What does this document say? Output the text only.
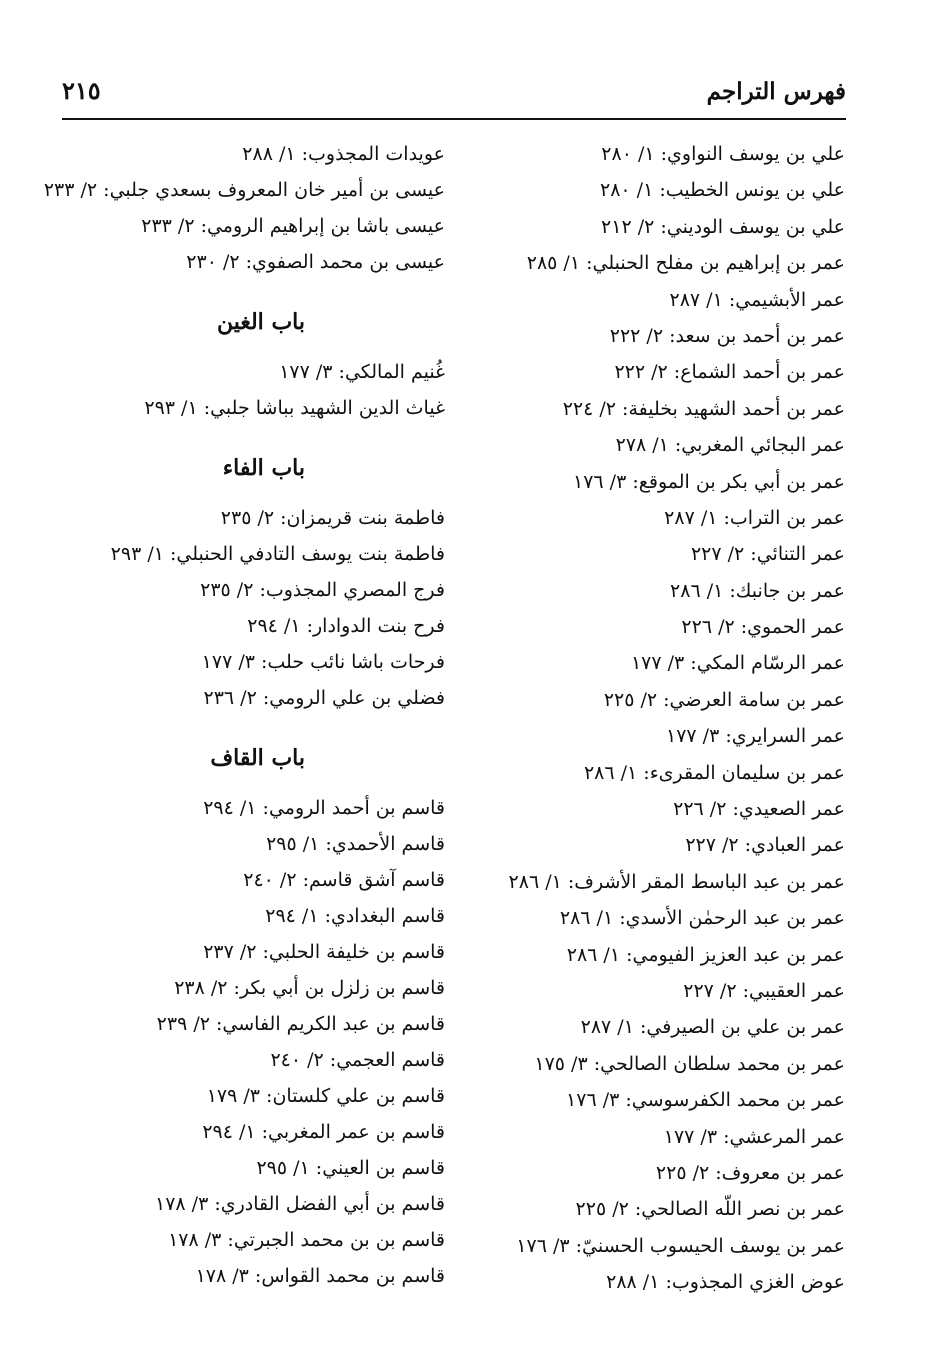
فهرس التراجم
٢١٥
علي بن يوسف النواوي: ١/ ٢٨٠
علي بن يونس الخطيب: ١/ ٢٨٠
علي بن يوسف الوديني: ٢/ ٢١٢
عمر بن إبراهيم بن مفلح الحنبلي: ١/ ٢٨٥
عمر الأبشيمي: ١/ ٢٨٧
عمر بن أحمد بن سعد: ٢/ ٢٢٢
عمر بن أحمد الشماع: ٢/ ٢٢٢
عمر بن أحمد الشهيد بخليفة: ٢/ ٢٢٤
عمر البجائي المغربي: ١/ ٢٧٨
عمر بن أبي بكر بن الموقع: ٣/ ١٧٦
عمر بن التراب: ١/ ٢٨٧
عمر التنائي: ٢/ ٢٢٧
عمر بن جانبك: ١/ ٢٨٦
عمر الحموي: ٢/ ٢٢٦
عمر الرسّام المكي: ٣/ ١٧٧
عمر بن سامة العرضي: ٢/ ٢٢٥
عمر السرايري: ٣/ ١٧٧
عمر بن سليمان المقرىء: ١/ ٢٨٦
عمر الصعيدي: ٢/ ٢٢٦
عمر العبادي: ٢/ ٢٢٧
عمر بن عبد الباسط المقر الأشرف: ١/ ٢٨٦
عمر بن عبد الرحمٰن الأسدي: ١/ ٢٨٦
عمر بن عبد العزيز الفيومي: ١/ ٢٨٦
عمر العقيبي: ٢/ ٢٢٧
عمر بن علي بن الصيرفي: ١/ ٢٨٧
عمر بن محمد سلطان الصالحي: ٣/ ١٧٥
عمر بن محمد الكفرسوسي: ٣/ ١٧٦
عمر المرعشي: ٣/ ١٧٧
عمر بن معروف: ٢/ ٢٢٥
عمر بن نصر اللّه الصالحي: ٢/ ٢٢٥
عمر بن يوسف الحيسوب الحسنيّ: ٣/ ١٧٦
عوض الغزي المجذوب: ١/ ٢٨٨
عويدات المجذوب: ١/ ٢٨٨
عيسى بن أمير خان المعروف بسعدي جلبي: ٢/ ٢٣٣
عيسى باشا بن إبراهيم الرومي: ٢/ ٢٣٣
عيسى بن محمد الصفوي: ٢/ ٢٣٠
باب الغين
غُنيم المالكي: ٣/ ١٧٧
غياث الدين الشهيد بباشا جلبي: ١/ ٢٩٣
باب الفاء
فاطمة بنت قريمزان: ٢/ ٢٣٥
فاطمة بنت يوسف التادفي الحنبلي: ١/ ٢٩٣
فرج المصري المجذوب: ٢/ ٢٣٥
فرح بنت الدوادار: ١/ ٢٩٤
فرحات باشا نائب حلب: ٣/ ١٧٧
فضلي بن علي الرومي: ٢/ ٢٣٦
باب القاف
قاسم بن أحمد الرومي: ١/ ٢٩٤
قاسم الأحمدي: ١/ ٢٩٥
قاسم آشق قاسم: ٢/ ٢٤٠
قاسم البغدادي: ١/ ٢٩٤
قاسم بن خليفة الحلبي: ٢/ ٢٣٧
قاسم بن زلزل بن أبي بكر: ٢/ ٢٣٨
قاسم بن عبد الكريم الفاسي: ٢/ ٢٣٩
قاسم العجمي: ٢/ ٢٤٠
قاسم بن علي كلستان: ٣/ ١٧٩
قاسم بن عمر المغربي: ١/ ٢٩٤
قاسم بن العيني: ١/ ٢٩٥
قاسم بن أبي الفضل القادري: ٣/ ١٧٨
قاسم بن بن محمد الجبرتي: ٣/ ١٧٨
قاسم بن محمد القواس: ٣/ ١٧٨
